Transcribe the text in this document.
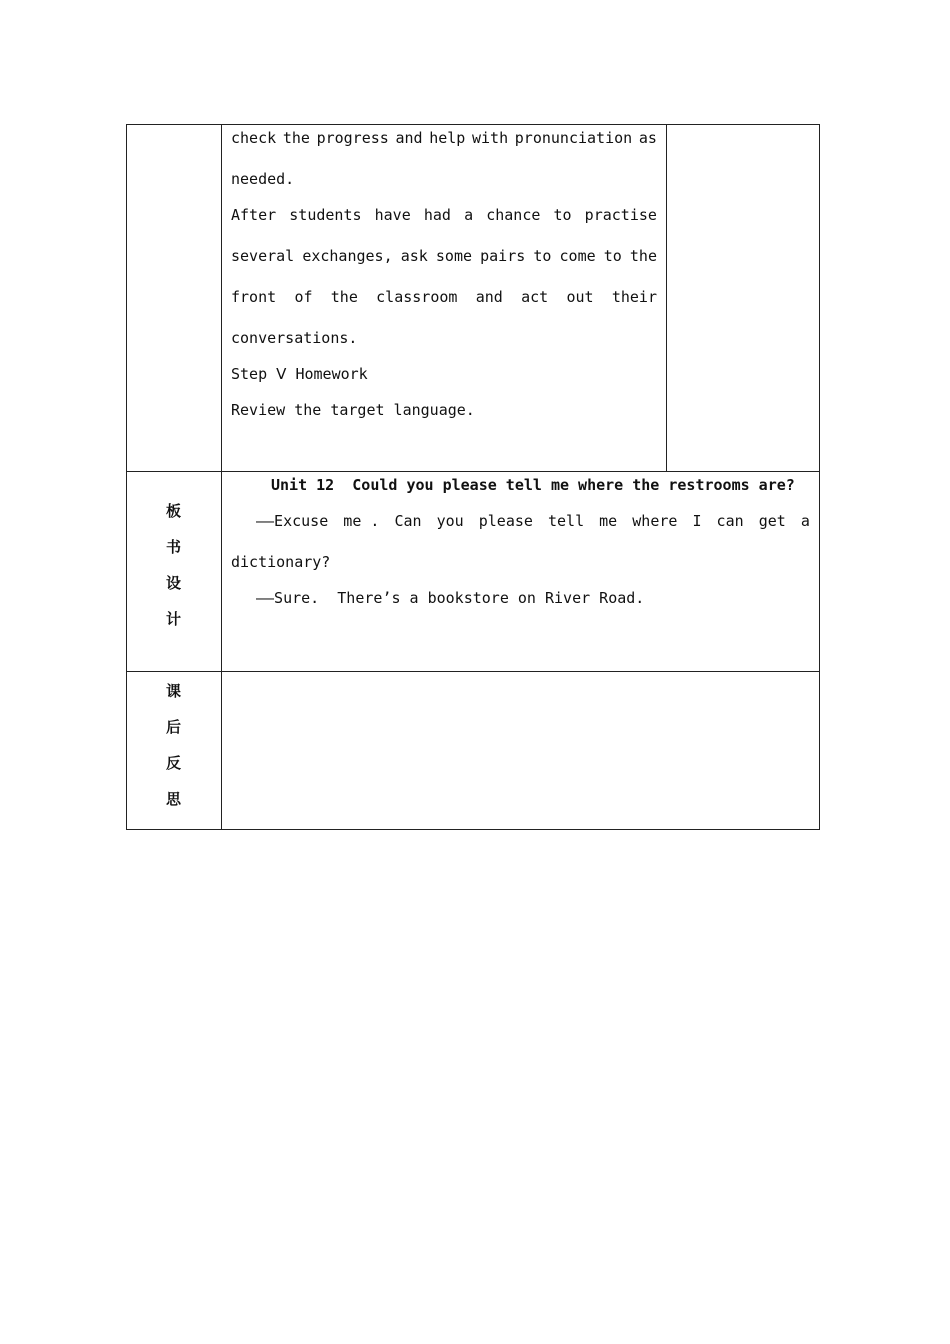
check the progress and help with pronunciation as
needed.
After students have had a chance to practise
several exchanges, ask some pairs to come to the
front of the classroom and act out their
conversations.
Step Ⅴ Homework
Review the target language.
板
书
设
计
Unit 12  Could you please tell me where the restrooms are?
——Excuse me . Can you please tell me where I can get a
dictionary?
——Sure.  There’s a bookstore on River Road.
课
后
反
思
